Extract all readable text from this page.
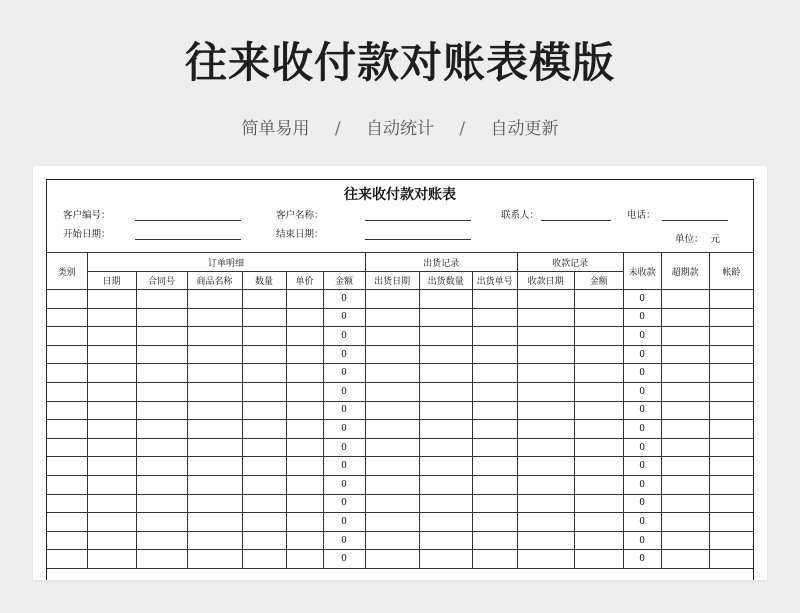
往来收付款对账表模版
简单易用 / 自动统计 / 自动更新
往来收付款对账表
客户编号：	客户名称：	联系人：	电话：
开始日期：	结束日期：	单位： 元
类别	订单明细						出货记录			收款记录		未收款	超期款	帐龄
	日期	合同号	商品名称	数量	单价	金额	出货日期	出货数量	出货单号	收款日期	金额			
						0						0		
						0						0		
						0						0		
						0						0		
						0						0		
						0						0		
						0						0		
						0						0		
						0						0		
						0						0		
						0						0		
						0						0		
						0						0		
						0						0		
						0						0		
